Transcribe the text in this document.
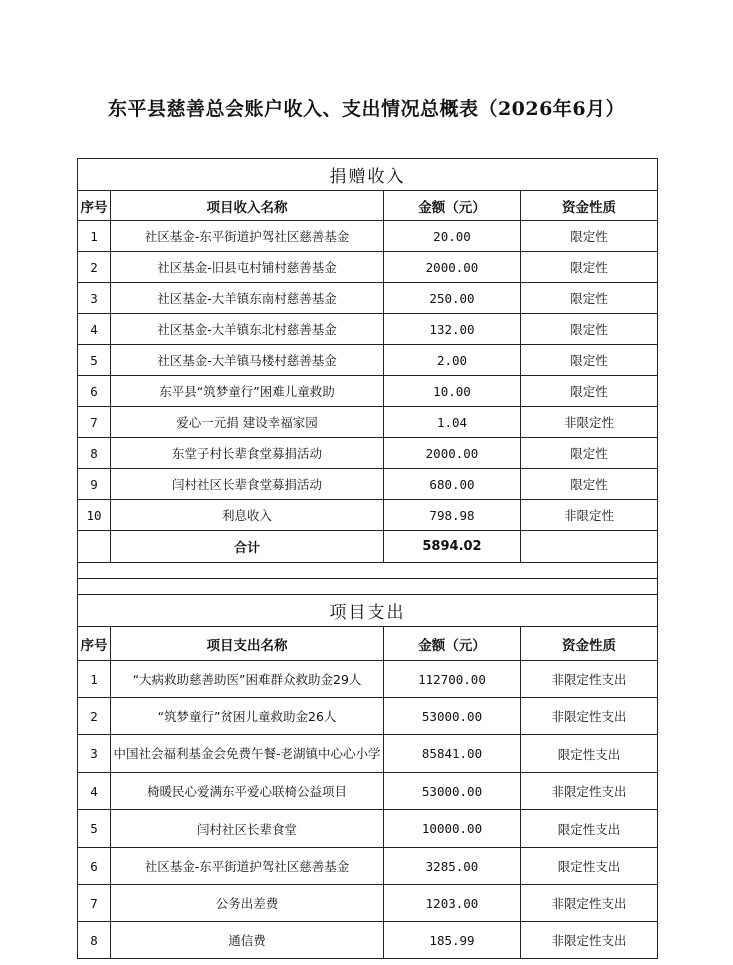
东平县慈善总会账户收入、支出情况总概表（2026年6月）
捐赠收入			
序号	项目收入名称	金额（元）	资金性质
1	社区基金-东平街道护驾社区慈善基金	20.00	限定性
2	社区基金-旧县屯村铺村慈善基金	2000.00	限定性
3	社区基金-大羊镇东南村慈善基金	250.00	限定性
4	社区基金-大羊镇东北村慈善基金	132.00	限定性
5	社区基金-大羊镇马楼村慈善基金	2.00	限定性
6	东平县“筑梦童行”困难儿童救助	10.00	限定性
7	爱心一元捐 建设幸福家园	1.04	非限定性
8	东堂子村长辈食堂募捐活动	2000.00	限定性
9	闫村社区长辈食堂募捐活动	680.00	限定性
10	利息收入	798.98	非限定性
	合计	5894.02	

项目支出			
序号	项目支出名称	金额（元）	资金性质
1	“大病救助慈善助医”困难群众救助金29人	112700.00	非限定性支出
2	“筑梦童行”贫困儿童救助金26人	53000.00	非限定性支出
3	中国社会福利基金会免费午餐-老湖镇中心心小学	85841.00	限定性支出
4	椅暖民心爱满东平爱心联椅公益项目	53000.00	非限定性支出
5	闫村社区长辈食堂	10000.00	限定性支出
6	社区基金-东平街道护驾社区慈善基金	3285.00	限定性支出
7	公务出差费	1203.00	非限定性支出
8	通信费	185.99	非限定性支出
